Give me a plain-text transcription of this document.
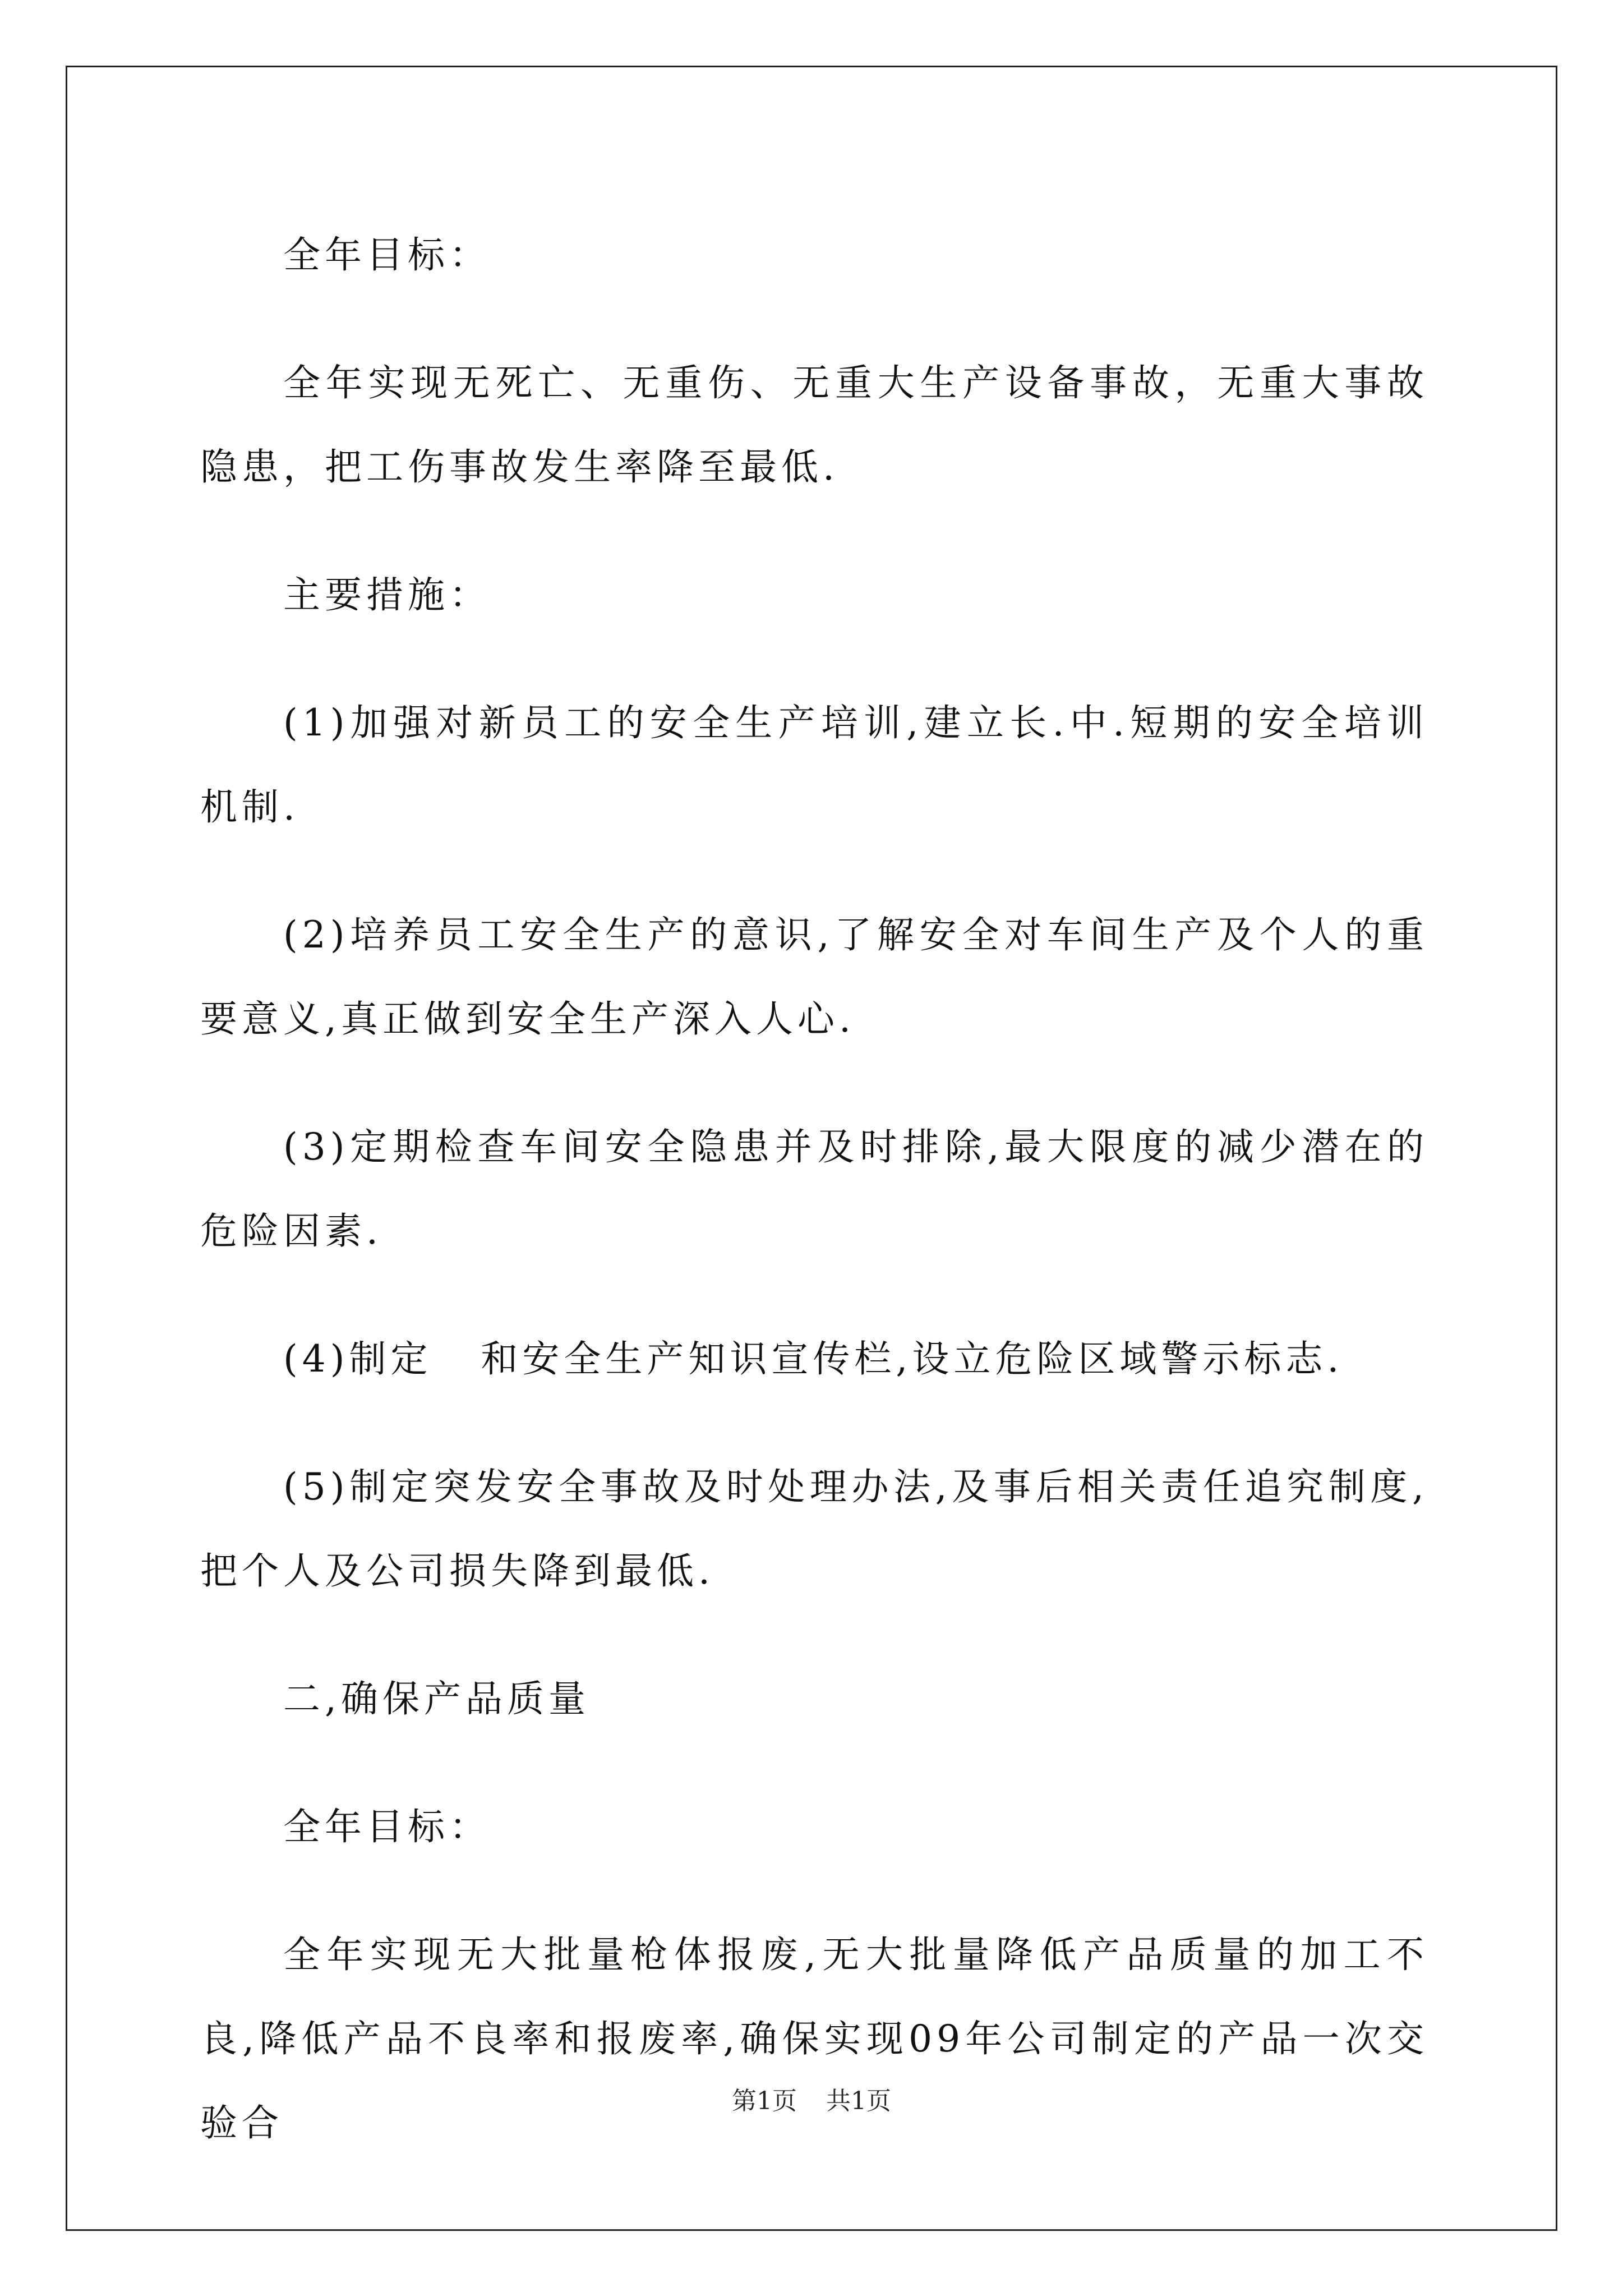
全年目标：

全年实现无死亡、无重伤、无重大生产设备事故，无重大事故隐患，把工伤事故发生率降至最低.

主要措施：

(1)加强对新员工的安全生产培训,建立长.中.短期的安全培训机制.

(2)培养员工安全生产的意识,了解安全对车间生产及个人的重要意义,真正做到安全生产深入人心.

(3)定期检查车间安全隐患并及时排除,最大限度的减少潜在的危险因素.

(4)制定   和安全生产知识宣传栏,设立危险区域警示标志.

(5)制定突发安全事故及时处理办法,及事后相关责任追究制度,把个人及公司损失降到最低.

二,确保产品质量

全年目标：

全年实现无大批量枪体报废,无大批量降低产品质量的加工不良,降低产品不良率和报废率,确保实现09年公司制定的产品一次交验合

第1页 共1页
